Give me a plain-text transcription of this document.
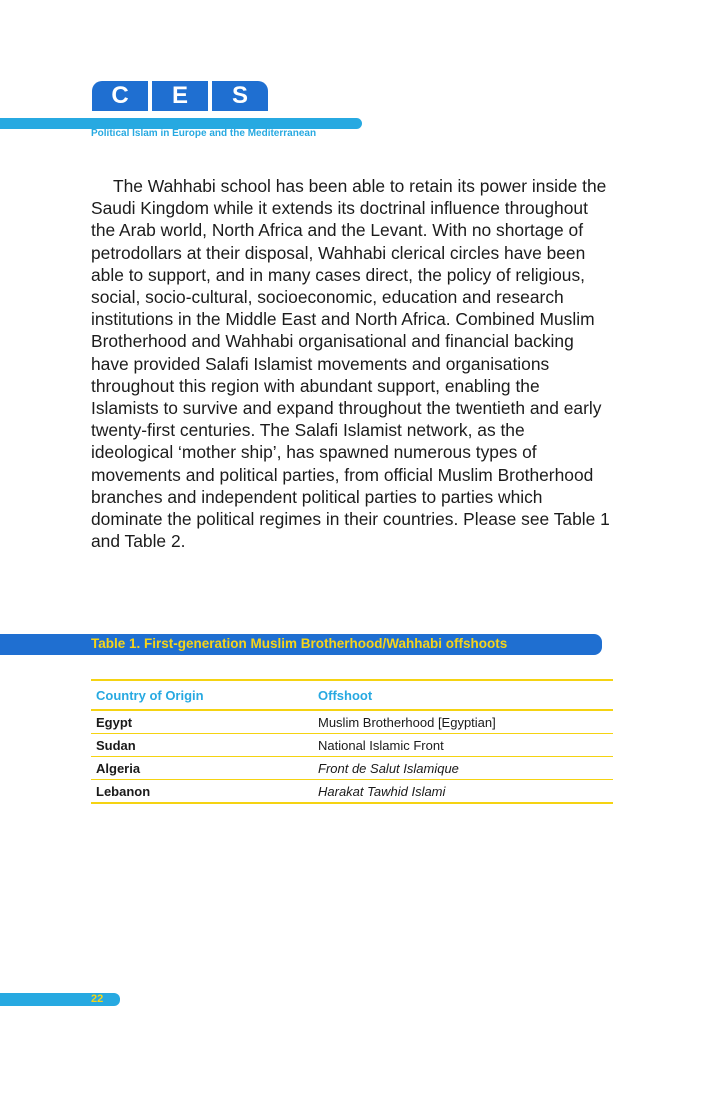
C	E	S
Political Islam in Europe and the Mediterranean

The Wahhabi school has been able to retain its power inside the Saudi Kingdom while it extends its doctrinal influence throughout the Arab world, North Africa and the Levant. With no shortage of petrodollars at their disposal, Wahhabi clerical circles have been able to support, and in many cases direct, the policy of religious, social, socio-cultural, socioeconomic, education and research institutions in the Middle East and North Africa. Combined Muslim Brotherhood and Wahhabi organisational and financial backing have provided Salafi Islamist movements and organisations throughout this region with abundant support, enabling the Islamists to survive and expand throughout the twentieth and early twenty-first centuries. The Salafi Islamist network, as the ideological ‘mother ship’, has spawned numerous types of movements and political parties, from official Muslim Brotherhood branches and independent political parties to parties which dominate the political regimes in their countries. Please see Table 1 and Table 2.

Table 1. First-generation Muslim Brotherhood/Wahhabi offshoots
Country of Origin	Offshoot
Egypt	Muslim Brotherhood [Egyptian]
Sudan	National Islamic Front
Algeria	Front de Salut Islamique
Lebanon	Harakat Tawhid Islami
22
